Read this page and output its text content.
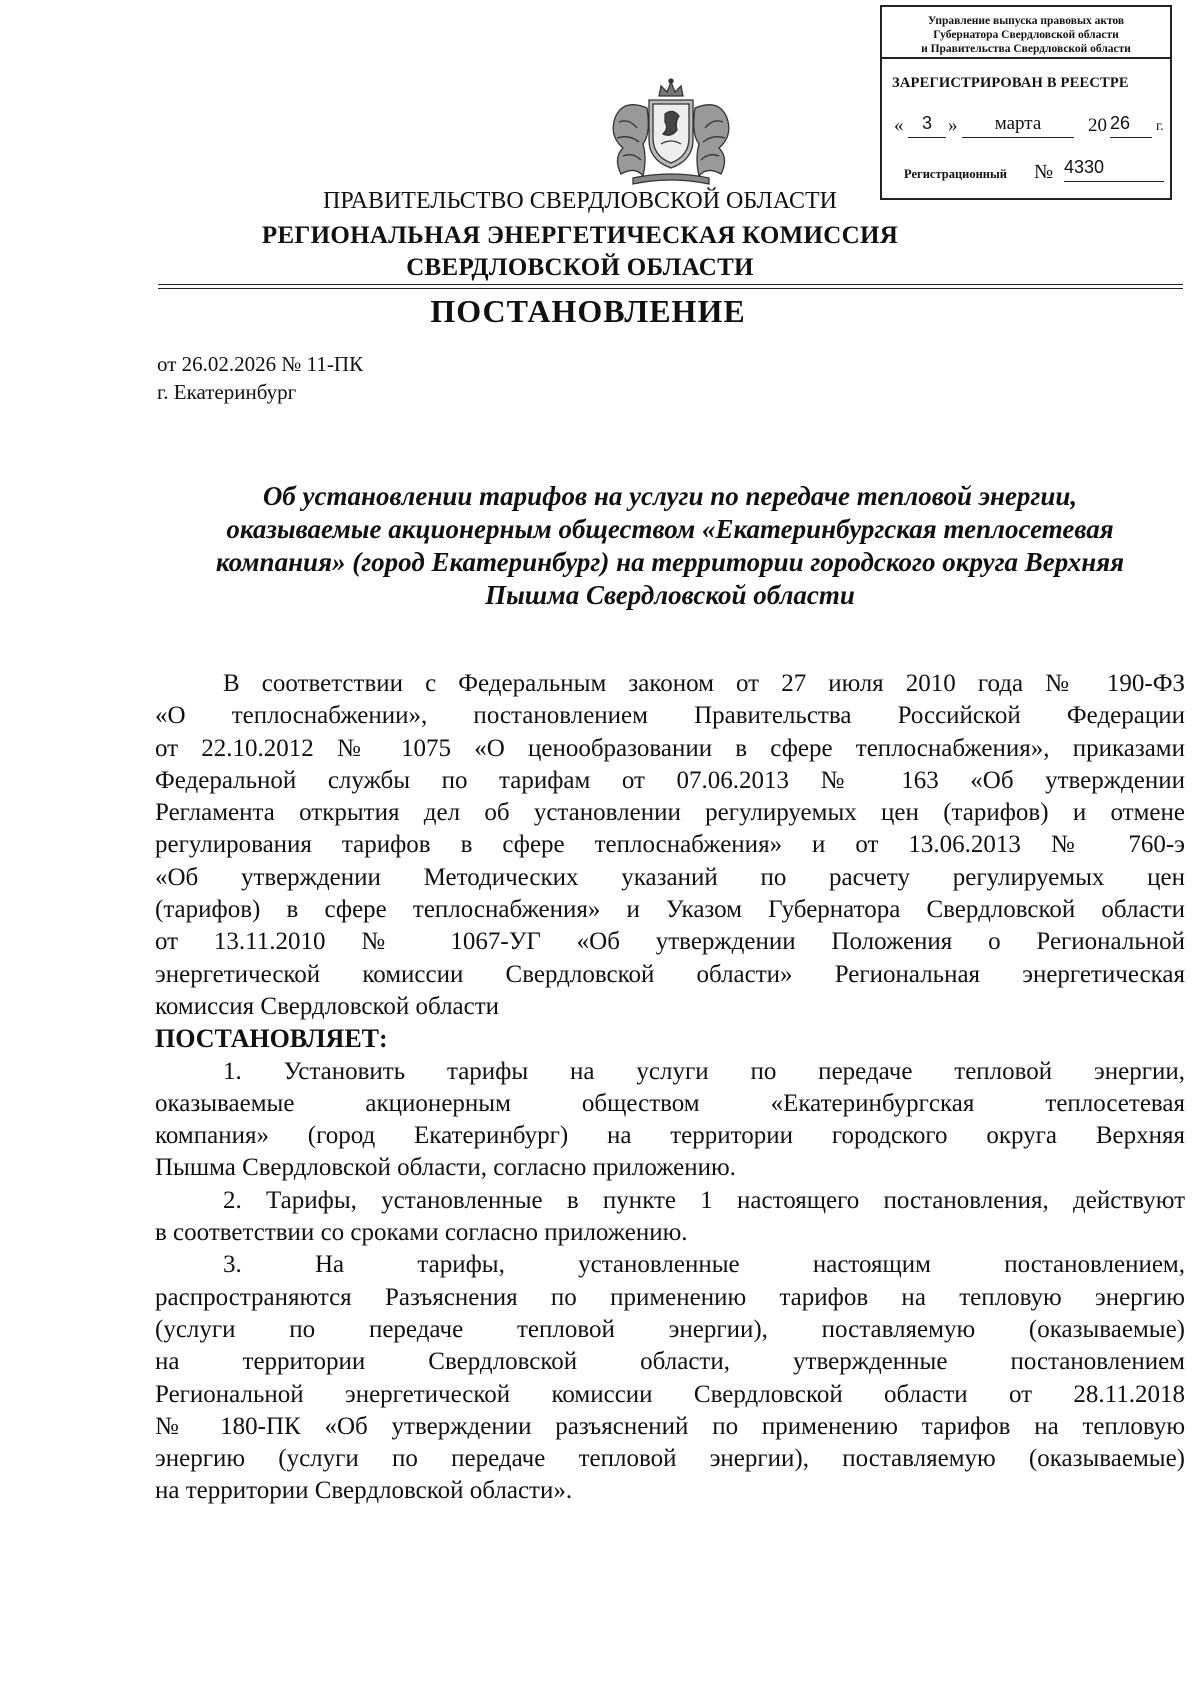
Управление выпуска правовых актов
Губернатора Свердловской области
и Правительства Свердловской области
ЗАРЕГИСТРИРОВАН В РЕЕСТРЕ
«	3 »	марта	20 26	г.
Регистрационный № 4330
ПРАВИТЕЛЬСТВО СВЕРДЛОВСКОЙ ОБЛАСТИ
РЕГИОНАЛЬНАЯ ЭНЕРГЕТИЧЕСКАЯ КОМИССИЯ
СВЕРДЛОВСКОЙ ОБЛАСТИ
ПОСТАНОВЛЕНИЕ
от 26.02.2026 № 11-ПК
г. Екатеринбург
Об установлении тарифов на услуги по передаче тепловой энергии,
оказываемые акционерным обществом «Екатеринбургская теплосетевая
компания» (город Екатеринбург) на территории городского округа Верхняя
Пышма Свердловской области
В соответствии с Федеральным законом от 27 июля 2010 года № 190-ФЗ
«О теплоснабжении», постановлением Правительства Российской Федерации
от 22.10.2012 № 1075 «О ценообразовании в сфере теплоснабжения», приказами
Федеральной службы по тарифам от 07.06.2013 № 163 «Об утверждении
Регламента открытия дел об установлении регулируемых цен (тарифов) и отмене
регулирования тарифов в сфере теплоснабжения» и от 13.06.2013 № 760-э
«Об утверждении Методических указаний по расчету регулируемых цен
(тарифов) в сфере теплоснабжения» и Указом Губернатора Свердловской области
от 13.11.2010 № 1067-УГ «Об утверждении Положения о Региональной
энергетической комиссии Свердловской области» Региональная энергетическая
комиссия Свердловской области
ПОСТАНОВЛЯЕТ:
1. Установить тарифы на услуги по передаче тепловой энергии,
оказываемые акционерным обществом «Екатеринбургская теплосетевая
компания» (город Екатеринбург) на территории городского округа Верхняя
Пышма Свердловской области, согласно приложению.
2. Тарифы, установленные в пункте 1 настоящего постановления, действуют
в соответствии со сроками согласно приложению.
3. На тарифы, установленные настоящим постановлением,
распространяются Разъяснения по применению тарифов на тепловую энергию
(услуги по передаче тепловой энергии), поставляемую (оказываемые)
на территории Свердловской области, утвержденные постановлением
Региональной энергетической комиссии Свердловской области от 28.11.2018
№ 180-ПК «Об утверждении разъяснений по применению тарифов на тепловую
энергию (услуги по передаче тепловой энергии), поставляемую (оказываемые)
на территории Свердловской области».
